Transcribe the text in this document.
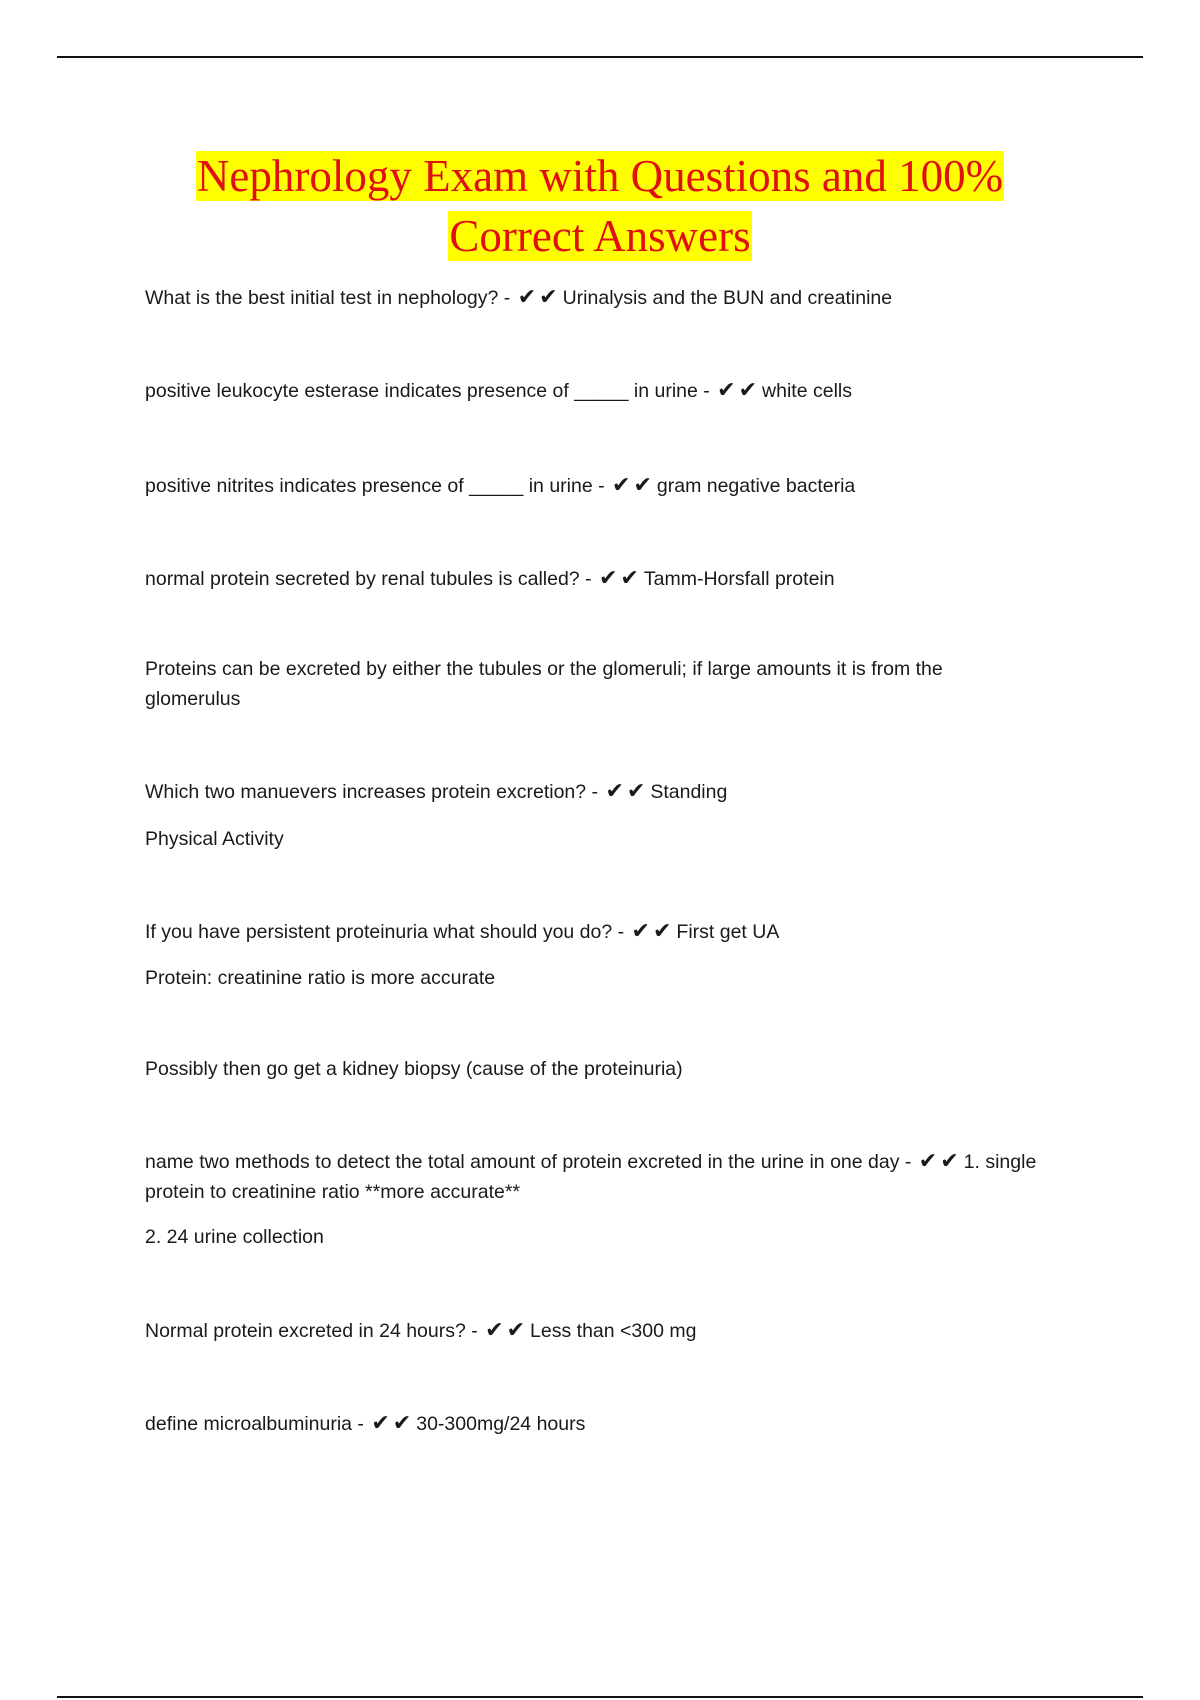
Nephrology Exam with Questions and 100%
Correct Answers

What is the best initial test in nephology? - ✔✔ Urinalysis and the BUN and creatinine

positive leukocyte esterase indicates presence of _____ in urine - ✔✔ white cells

positive nitrites indicates presence of _____ in urine - ✔✔ gram negative bacteria

normal protein secreted by renal tubules is called? - ✔✔ Tamm-Horsfall protein

Proteins can be excreted by either the tubules or the glomeruli; if large amounts it is from the glomerulus

Which two manuevers increases protein excretion? - ✔✔ Standing

Physical Activity

If you have persistent proteinuria what should you do? - ✔✔ First get UA

Protein: creatinine ratio is more accurate

Possibly then go get a kidney biopsy (cause of the proteinuria)

name two methods to detect the total amount of protein excreted in the urine in one day - ✔✔ 1. single protein to creatinine ratio **more accurate**

2. 24 urine collection

Normal protein excreted in 24 hours? - ✔✔ Less than <300 mg

define microalbuminuria - ✔✔ 30-300mg/24 hours
